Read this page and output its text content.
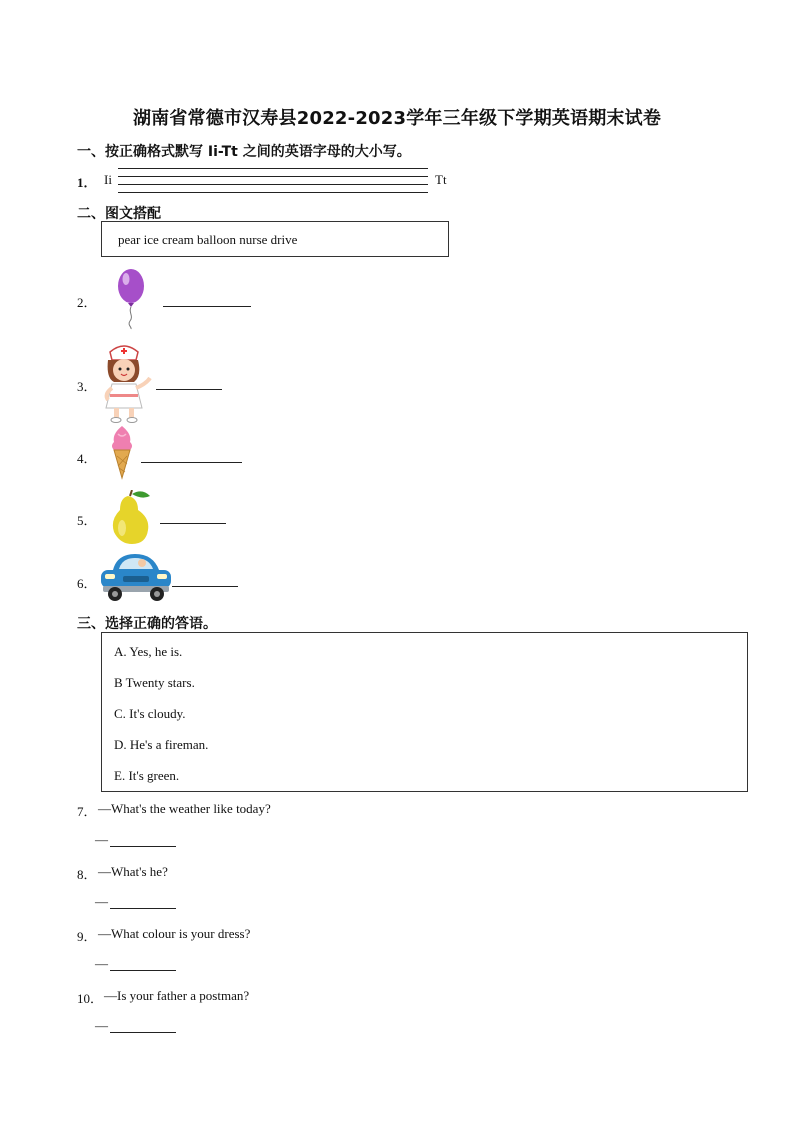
湖南省常德市汉寿县2022-2023学年三年级下学期英语期末试卷
一、按正确格式默写 Ii-Tt 之间的英语字母的大小写。
1． Ii	Tt
二、图文搭配
pear ice cream balloon nurse drive
2．
3．
4．
5．
6．
三、选择正确的答语。
A. Yes, he is.
B Twenty stars.
C. It's cloudy.
D. He's a fireman.
E. It's green.
7． —What's the weather like today?
—
8． —What's he?
—
9． —What colour is your dress?
—
10． —Is your father a postman?
—
